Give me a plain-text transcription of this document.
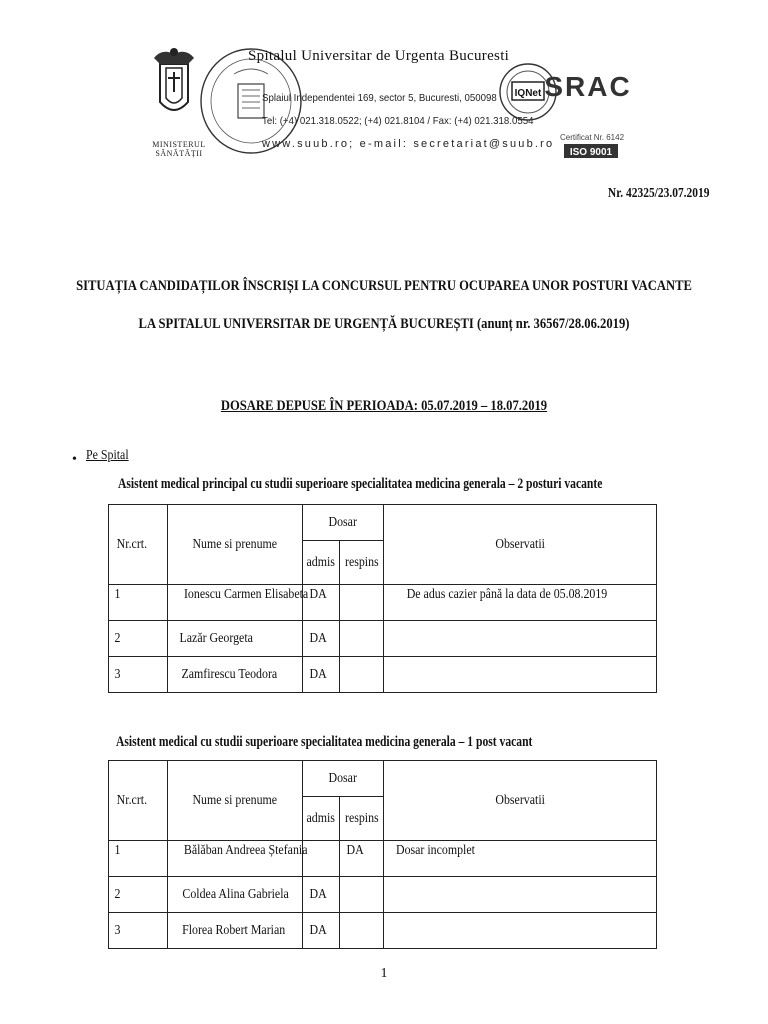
MINISTERUL SĂNĂTĂȚII
Spitalul Universitar de Urgenta Bucuresti
Splaiul Independentei 169, sector 5, Bucuresti, 050098
Tel: (+4) 021.318.0522; (+4) 021.8104 / Fax: (+4) 021.318.0554
www.suub.ro; e-mail: secretariat@suub.ro
IQNet SRAC
Certificat Nr. 6142
ISO 9001
Nr. 42325/23.07.2019
SITUAȚIA CANDIDAȚILOR ÎNSCRIȘI LA CONCURSUL PENTRU OCUPAREA UNOR POSTURI VACANTE
LA SPITALUL UNIVERSITAR DE URGENȚĂ BUCUREȘTI (anunț nr. 36567/28.06.2019)
DOSARE DEPUSE ÎN PERIOADA: 05.07.2019 – 18.07.2019
• Pe Spital
Asistent medical principal cu studii superioare specialitatea medicina generala – 2 posturi vacante
Nr.crt.	Nume si prenume	Dosar		Observatii
		admis	respins	
1	Ionescu Carmen Elisabeta	DA		De adus cazier până la data de 05.08.2019
2	Lazăr Georgeta	DA		
3	Zamfirescu Teodora	DA		
Asistent medical cu studii superioare specialitatea medicina generala – 1 post vacant
Nr.crt.	Nume si prenume	Dosar		Observatii
		admis	respins	
1	Bălăban Andreea Ștefania		DA	Dosar incomplet
2	Coldea Alina Gabriela	DA		
3	Florea Robert Marian	DA		
1
